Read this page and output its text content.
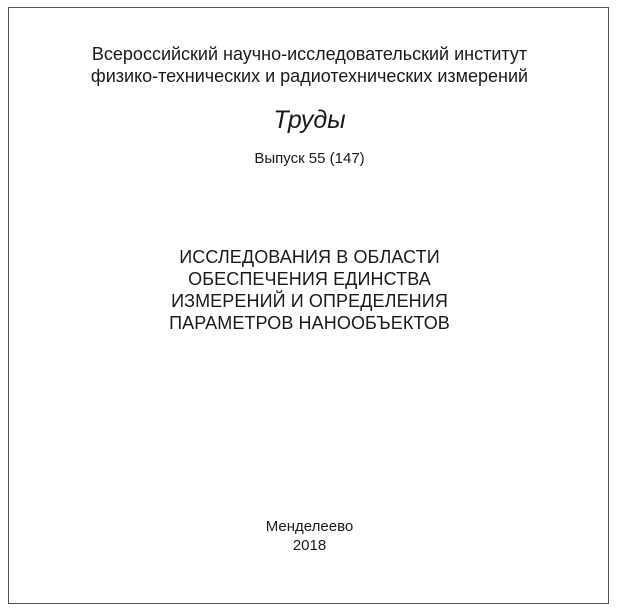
Всероссийский научно-исследовательский институт
физико-технических и радиотехнических измерений
Труды
Выпуск 55 (147)
ИССЛЕДОВАНИЯ В ОБЛАСТИ
ОБЕСПЕЧЕНИЯ ЕДИНСТВА
ИЗМЕРЕНИЙ И ОПРЕДЕЛЕНИЯ
ПАРАМЕТРОВ НАНООБЪЕКТОВ
Менделеево
2018
